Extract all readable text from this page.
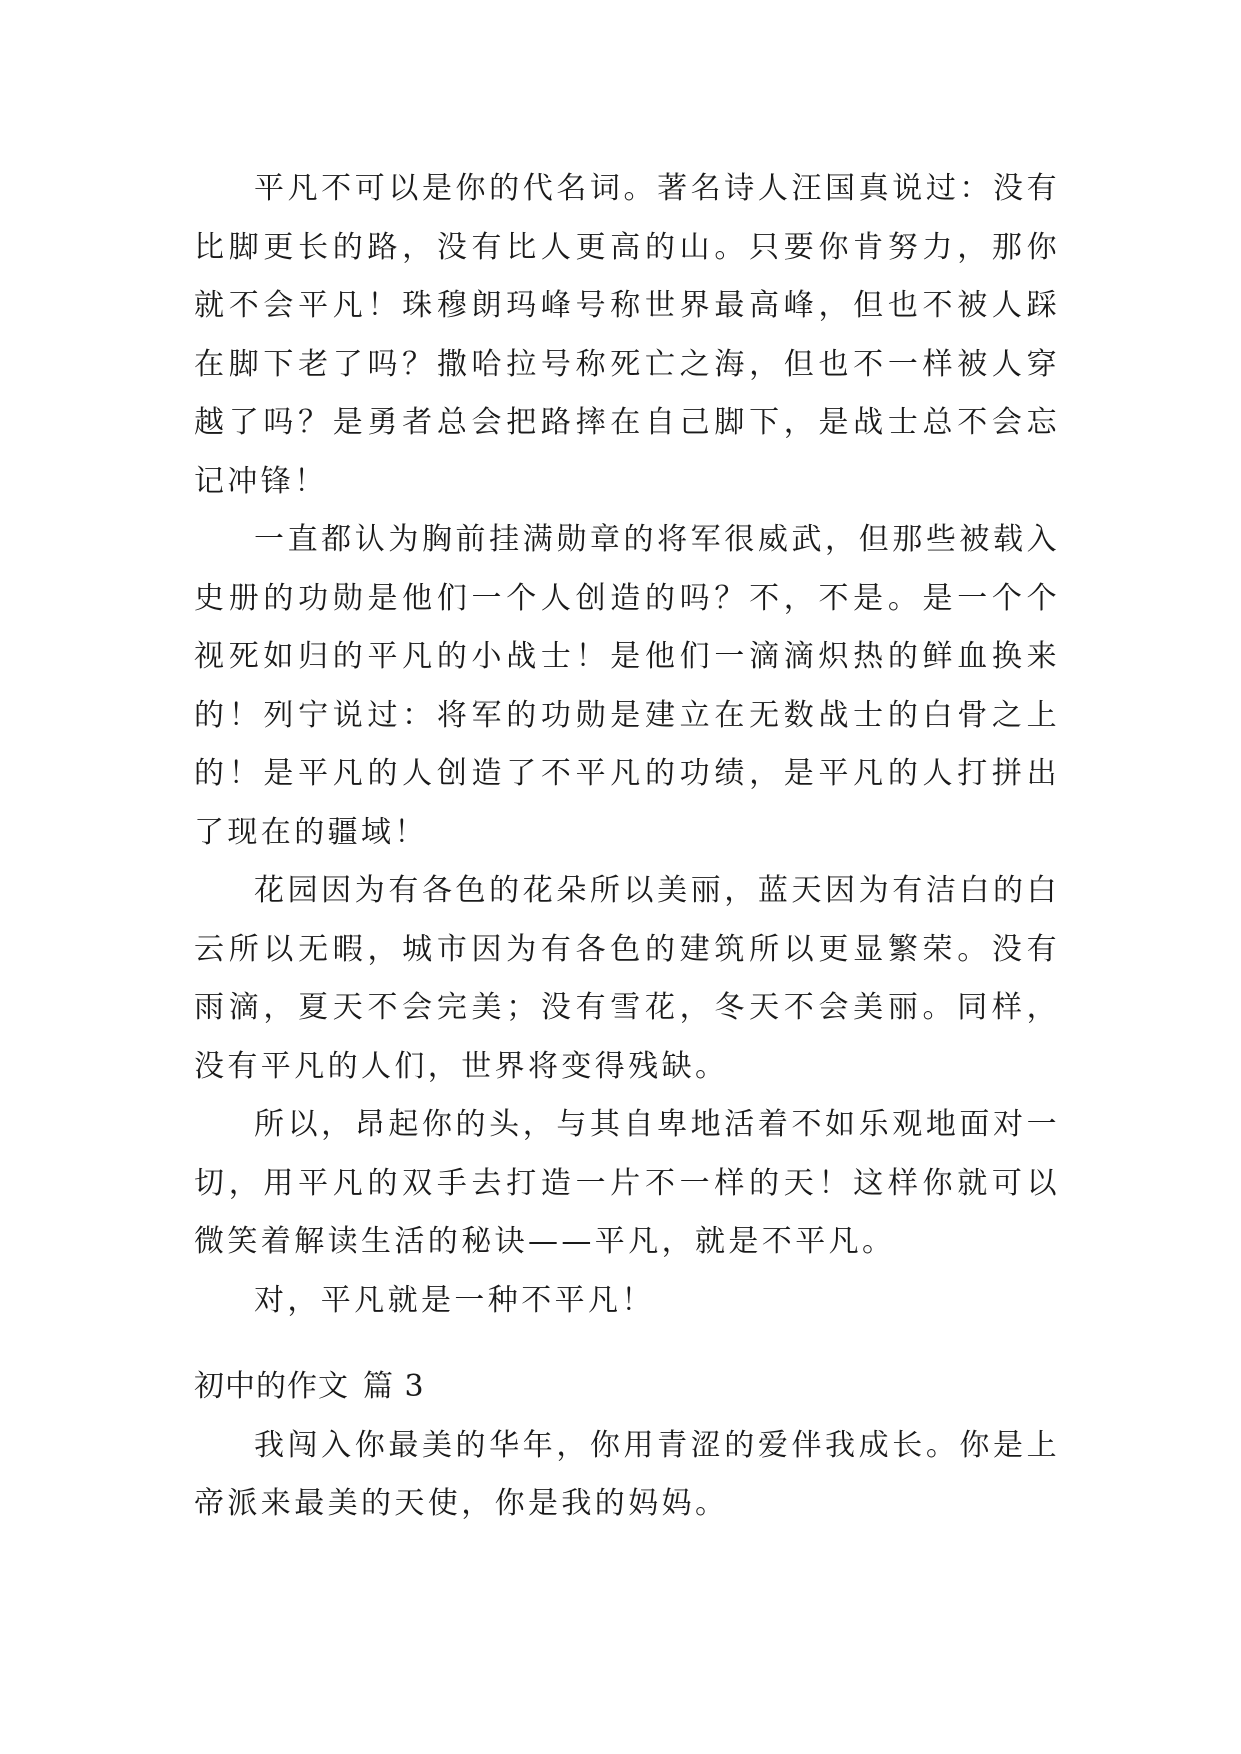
平凡不可以是你的代名词。著名诗人汪国真说过：没有比脚更长的路，没有比人更高的山。只要你肯努力，那你就不会平凡！珠穆朗玛峰号称世界最高峰，但也不被人踩在脚下老了吗？撒哈拉号称死亡之海，但也不一样被人穿越了吗？是勇者总会把路摔在自己脚下，是战士总不会忘记冲锋！

一直都认为胸前挂满勋章的将军很威武，但那些被载入史册的功勋是他们一个人创造的吗？不，不是。是一个个视死如归的平凡的小战士！是他们一滴滴炽热的鲜血换来的！列宁说过：将军的功勋是建立在无数战士的白骨之上的！是平凡的人创造了不平凡的功绩，是平凡的人打拼出了现在的疆域！

花园因为有各色的花朵所以美丽，蓝天因为有洁白的白云所以无暇，城市因为有各色的建筑所以更显繁荣。没有雨滴，夏天不会完美；没有雪花，冬天不会美丽。同样，没有平凡的人们，世界将变得残缺。

所以，昂起你的头，与其自卑地活着不如乐观地面对一切，用平凡的双手去打造一片不一样的天！这样你就可以微笑着解读生活的秘诀——平凡，就是不平凡。

对，平凡就是一种不平凡！

初中的作文 篇 3

我闯入你最美的华年，你用青涩的爱伴我成长。你是上帝派来最美的天使，你是我的妈妈。
